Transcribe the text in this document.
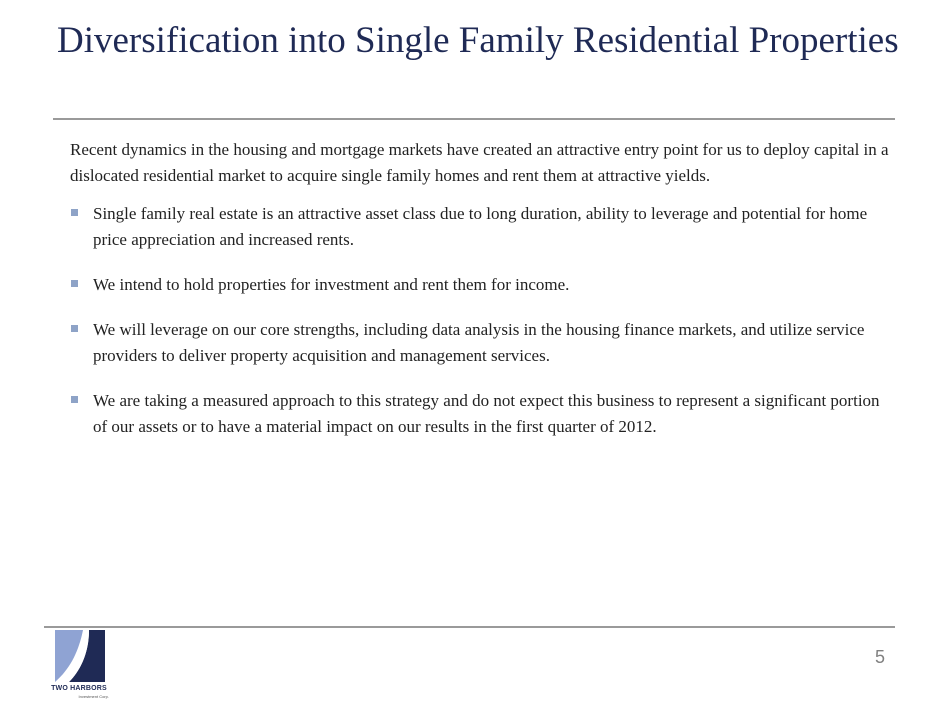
Diversification into Single Family Residential Properties

Recent dynamics in the housing and mortgage markets have created an attractive entry point for us to deploy capital in a dislocated residential market to acquire single family homes and rent them at attractive yields.

Single family real estate is an attractive asset class due to long duration, ability to leverage and potential for home price appreciation and increased rents.
We intend to hold properties for investment and rent them for income.
We will leverage on our core strengths, including data analysis in the housing finance markets, and utilize service providers to deliver property acquisition and management services.
We are taking a measured approach to this strategy and do not expect this business to represent a significant portion of our assets or to have a material impact on our results in the first quarter of 2012.
TWO HARBORS
Investment Corp.
5
